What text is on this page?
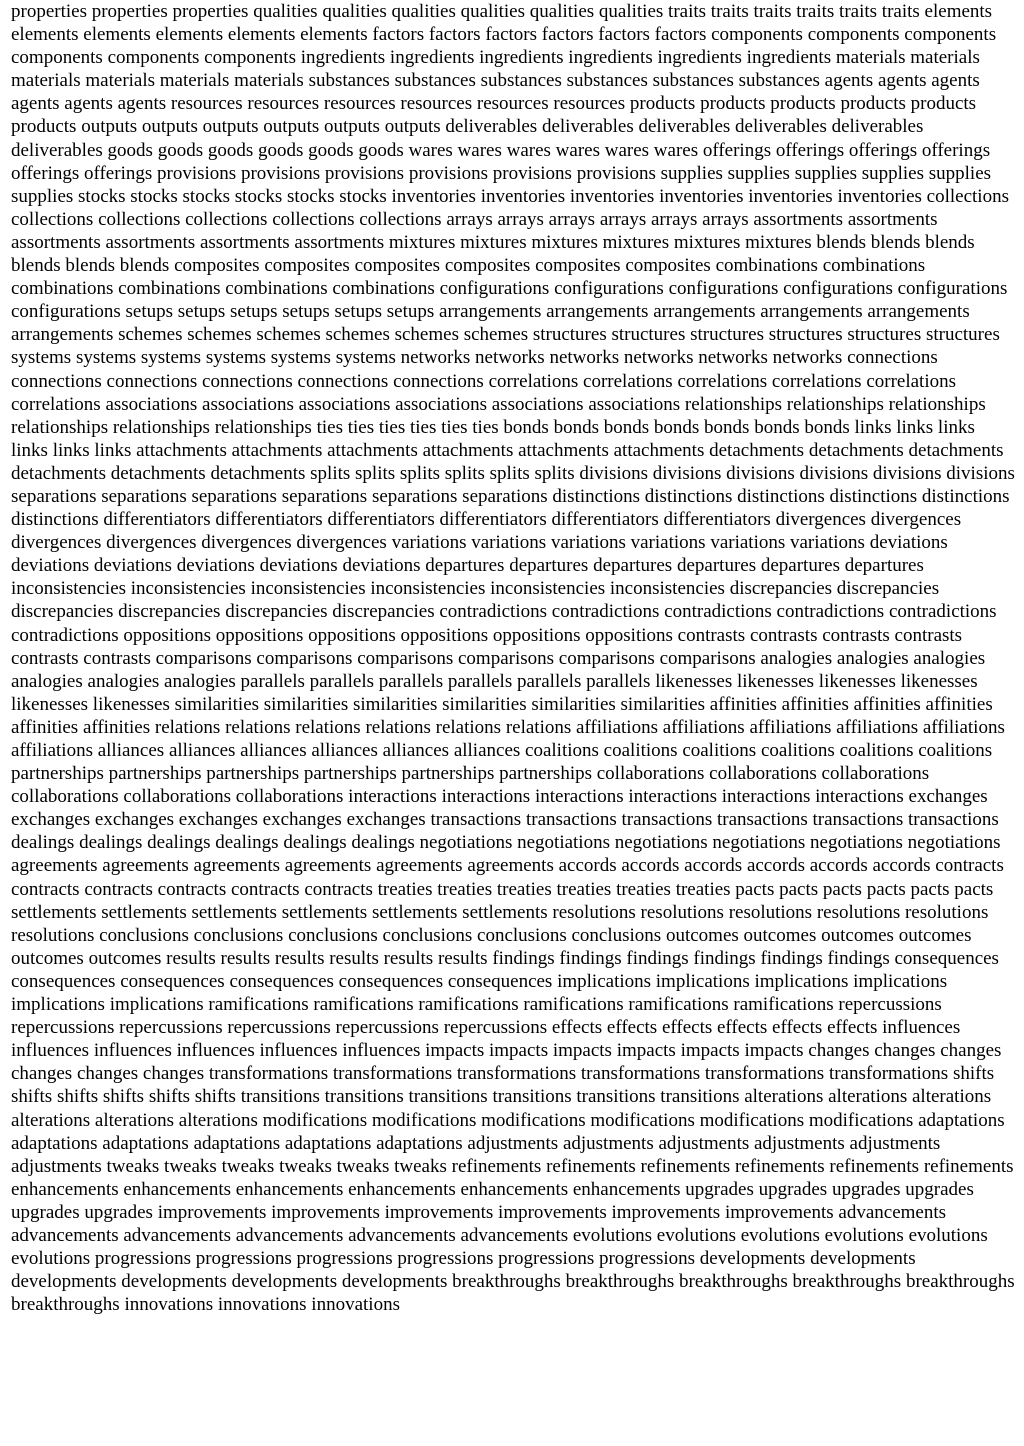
properties properties properties qualities qualities qualities qualities qualities qualities traits traits traits traits traits traits elements elements elements elements elements elements factors factors factors factors factors factors components components components components components components ingredients ingredients ingredients ingredients ingredients ingredients materials materials materials materials materials materials substances substances substances substances substances substances agents agents agents agents agents agents resources resources resources resources resources resources products products products products products products outputs outputs outputs outputs outputs outputs deliverables deliverables deliverables deliverables deliverables deliverables goods goods goods goods goods goods wares wares wares wares wares wares offerings offerings offerings offerings offerings offerings provisions provisions provisions provisions provisions provisions supplies supplies supplies supplies supplies supplies stocks stocks stocks stocks stocks stocks inventories inventories inventories inventories inventories inventories collections collections collections collections collections collections arrays arrays arrays arrays arrays arrays assortments assortments assortments assortments assortments assortments mixtures mixtures mixtures mixtures mixtures mixtures blends blends blends blends blends blends composites composites composites composites composites composites combinations combinations combinations combinations combinations combinations configurations configurations configurations configurations configurations configurations setups setups setups setups setups setups arrangements arrangements arrangements arrangements arrangements arrangements schemes schemes schemes schemes schemes schemes structures structures structures structures structures structures systems systems systems systems systems systems networks networks networks networks networks networks connections connections connections connections connections connections correlations correlations correlations correlations correlations correlations associations associations associations associations associations associations relationships relationships relationships relationships relationships relationships ties ties ties ties ties ties bonds bonds bonds bonds bonds bonds bonds links links links links links links attachments attachments attachments attachments attachments attachments detachments detachments detachments detachments detachments detachments splits splits splits splits splits splits divisions divisions divisions divisions divisions divisions separations separations separations separations separations separations distinctions distinctions distinctions distinctions distinctions distinctions differentiators differentiators differentiators differentiators differentiators differentiators divergences divergences divergences divergences divergences divergences variations variations variations variations variations variations deviations deviations deviations deviations deviations deviations departures departures departures departures departures departures inconsistencies inconsistencies inconsistencies inconsistencies inconsistencies inconsistencies discrepancies discrepancies discrepancies discrepancies discrepancies discrepancies contradictions contradictions contradictions contradictions contradictions contradictions oppositions oppositions oppositions oppositions oppositions oppositions contrasts contrasts contrasts contrasts contrasts contrasts comparisons comparisons comparisons comparisons comparisons comparisons analogies analogies analogies analogies analogies analogies parallels parallels parallels parallels parallels parallels likenesses likenesses likenesses likenesses likenesses likenesses similarities similarities similarities similarities similarities similarities affinities affinities affinities affinities affinities affinities relations relations relations relations relations relations affiliations affiliations affiliations affiliations affiliations affiliations alliances alliances alliances alliances alliances alliances coalitions coalitions coalitions coalitions coalitions coalitions partnerships partnerships partnerships partnerships partnerships partnerships collaborations collaborations collaborations collaborations collaborations collaborations interactions interactions interactions interactions interactions interactions exchanges exchanges exchanges exchanges exchanges exchanges transactions transactions transactions transactions transactions transactions dealings dealings dealings dealings dealings dealings negotiations negotiations negotiations negotiations negotiations negotiations agreements agreements agreements agreements agreements agreements accords accords accords accords accords accords contracts contracts contracts contracts contracts contracts treaties treaties treaties treaties treaties treaties pacts pacts pacts pacts pacts pacts settlements settlements settlements settlements settlements settlements resolutions resolutions resolutions resolutions resolutions resolutions conclusions conclusions conclusions conclusions conclusions conclusions outcomes outcomes outcomes outcomes outcomes outcomes results results results results results results findings findings findings findings findings findings consequences consequences consequences consequences consequences consequences implications implications implications implications implications implications ramifications ramifications ramifications ramifications ramifications ramifications repercussions repercussions repercussions repercussions repercussions repercussions effects effects effects effects effects effects influences influences influences influences influences influences impacts impacts impacts impacts impacts impacts changes changes changes changes changes changes transformations transformations transformations transformations transformations transformations shifts shifts shifts shifts shifts shifts transitions transitions transitions transitions transitions transitions alterations alterations alterations alterations alterations alterations modifications modifications modifications modifications modifications modifications adaptations adaptations adaptations adaptations adaptations adaptations adjustments adjustments adjustments adjustments adjustments adjustments tweaks tweaks tweaks tweaks tweaks tweaks refinements refinements refinements refinements refinements refinements enhancements enhancements enhancements enhancements enhancements enhancements upgrades upgrades upgrades upgrades upgrades upgrades improvements improvements improvements improvements improvements improvements advancements advancements advancements advancements advancements advancements evolutions evolutions evolutions evolutions evolutions evolutions progressions progressions progressions progressions progressions progressions developments developments developments developments developments developments breakthroughs breakthroughs breakthroughs breakthroughs breakthroughs breakthroughs innovations innovations innovations
